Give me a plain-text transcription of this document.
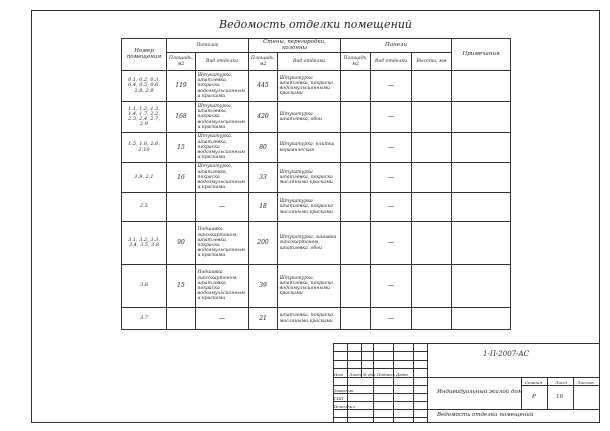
Ведомость отделки помещений
Номер помещения	Потолок		Стены, перегородки, колонны		Панели			Примечания
	Площадь, м2	Вид отделки	Площадь, м2	Вид отделки	Площадь, м2	Вид отделки	Высота, мм	
0.1, 0.2, 0.3, 0.4, 0.5, 0.6, 2.8, 2.9	119	Штукатурка, шпатлевка, покраска водоэмульсионными красками	445	Штукатурка шпатлевка, покраска водоэмульсионными красками		—		
1.1, 1.2, 1.3, 1.4, 1.7, 2.2, 2.3, 2.4, 2.7, 2.9	168	Штукатурка, шпатлевка, покраска водоэмульсионными красками	420	Штукатурка шпатлевка, обои		—		
1.5, 1.6, 2.6, 2.10	15	Штукатурка, шпатлевка, покраска водоэмульсионными красками	80	Штукатурка, плитка керамическая		—		
1.9, 2.1	16	Штукатурка, шпатлевка, покраска водоэмульсионными красками	33	Штукатурка шпатлевка, покраска масляными красками		—		
2.5		—	18	Штукатурка шпатлевка, покраска масляными красками		—		
3.1, 3.2, 3.3, 3.4, 3.5, 3.8	90	Подшивка гипсокартоном, шпатлевка, покраска водоэмульсионными красками	200	Штукатурка, зашивка гипсокартоном, шпатлевка, обои		—		
3.6	15	Подшивка гипсокартоном, шпатлевка, покраска водоэмульсионными красками	39	Штукатурка, шпатлевка, покраска водоэмульсионными красками		—		
3.7		—	21	шпатлевка, покраска масляными красками		—		
1-П-2007-АС
Изм Лист № док Подпись Дата
Заказчик
ГИП
Исполнил
Индивидуальный жилой дом
Стадия	Лист	Листов
Р	16
Ведомость отделки помещений
